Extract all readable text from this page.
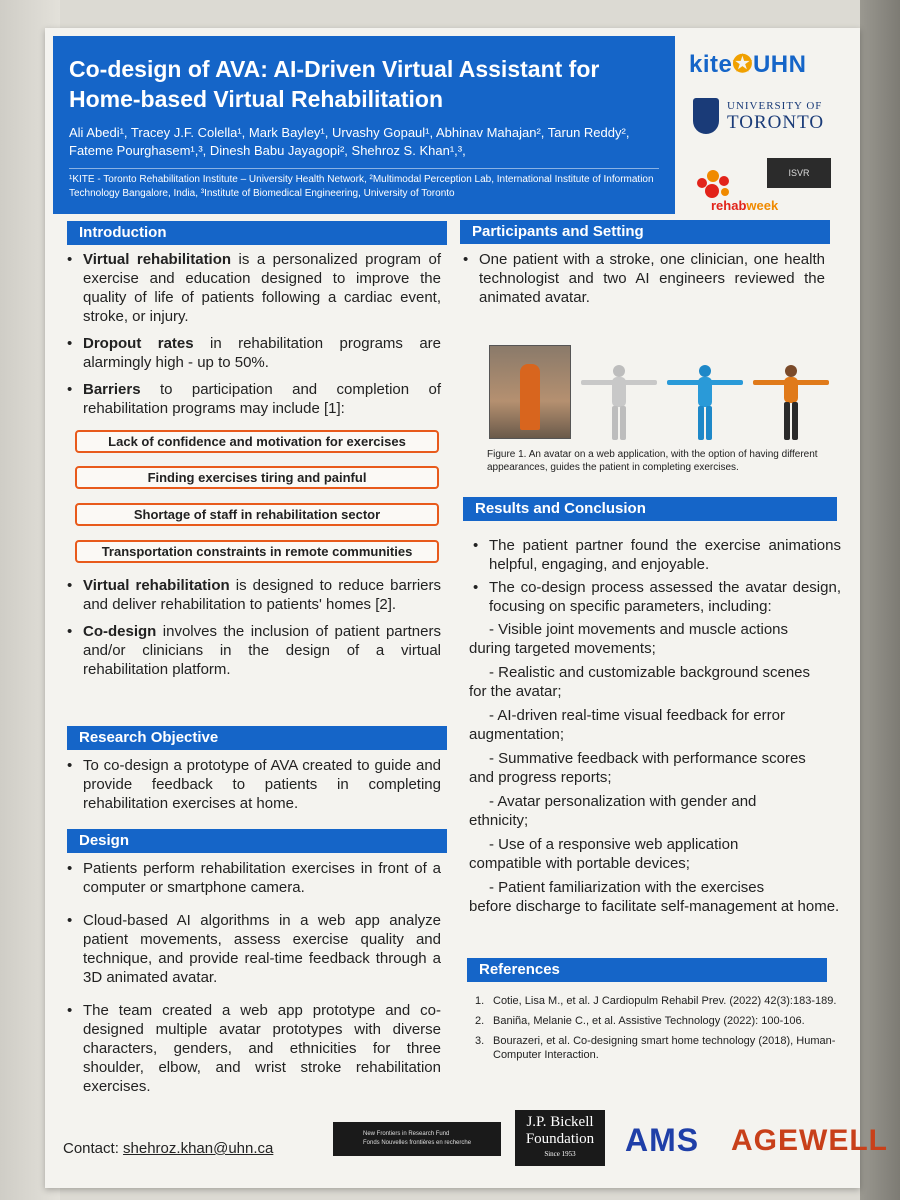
Co-design of AVA: AI-Driven Virtual Assistant for Home-based Virtual Rehabilitation
Ali Abedi¹, Tracey J.F. Colella¹, Mark Bayley¹, Urvashy Gopaul¹, Abhinav Mahajan², Tarun Reddy², Fateme Pourghasem¹,³, Dinesh Babu Jayagopi², Shehroz S. Khan¹,³,
¹KITE - Toronto Rehabilitation Institute – University Health Network, ²Multimodal Perception Lab, International Institute of Information Technology Bangalore, India, ³Institute of Biomedical Engineering, University of Toronto
kite✪UHN
UNIVERSITY OF
TORONTO
ISVR
rehabweek
Introduction
• Virtual rehabilitation is a personalized program of exercise and education designed to improve the quality of life of patients following a cardiac event, stroke, or injury.
• Dropout rates in rehabilitation programs are alarmingly high - up to 50%.
• Barriers to participation and completion of rehabilitation programs may include [1]:
Lack of confidence and motivation for exercises
Finding exercises tiring and painful
Shortage of staff in rehabilitation sector
Transportation constraints in remote communities
• Virtual rehabilitation is designed to reduce barriers and deliver rehabilitation to patients' homes [2].
• Co-design involves the inclusion of patient partners and/or clinicians in the design of a virtual rehabilitation platform.
Research Objective
• To co-design a prototype of AVA created to guide and provide feedback to patients in completing rehabilitation exercises at home.
Design
• Patients perform rehabilitation exercises in front of a computer or smartphone camera.
• Cloud-based AI algorithms in a web app analyze patient movements, assess exercise quality and technique, and provide real-time feedback through a 3D animated avatar.
• The team created a web app prototype and co-designed multiple avatar prototypes with diverse characters, genders, and ethnicities for three shoulder, elbow, and wrist stroke rehabilitation exercises.
Participants and Setting
• One patient with a stroke, one clinician, one health technologist and two AI engineers reviewed the animated avatar.
Figure 1. An avatar on a web application, with the option of having different appearances, guides the patient in completing exercises.
Results and Conclusion
• The patient partner found the exercise animations helpful, engaging, and enjoyable.
• The co-design process assessed the avatar design, focusing on specific parameters, including:
- Visible joint movements and muscle actions
during targeted movements;
- Realistic and customizable background scenes
for the avatar;
- AI-driven real-time visual feedback for error
augmentation;
- Summative feedback with performance scores
and progress reports;
- Avatar personalization with gender and
ethnicity;
- Use of a responsive web application
compatible with portable devices;
- Patient familiarization with the exercises
before discharge to facilitate self-management at home.
References
1. Cotie, Lisa M., et al. J Cardiopulm Rehabil Prev. (2022) 42(3):183-189.
2. Baniña, Melanie C., et al. Assistive Technology (2022): 100-106.
3. Bourazeri, et al. Co-designing smart home technology (2018), Human-Computer Interaction.
Contact: shehroz.khan@uhn.ca
New Frontiers in Research Fund
Fonds Nouvelles frontières en recherche
J.P. Bickell
Foundation
Since 1953	AMS AGEWELL
